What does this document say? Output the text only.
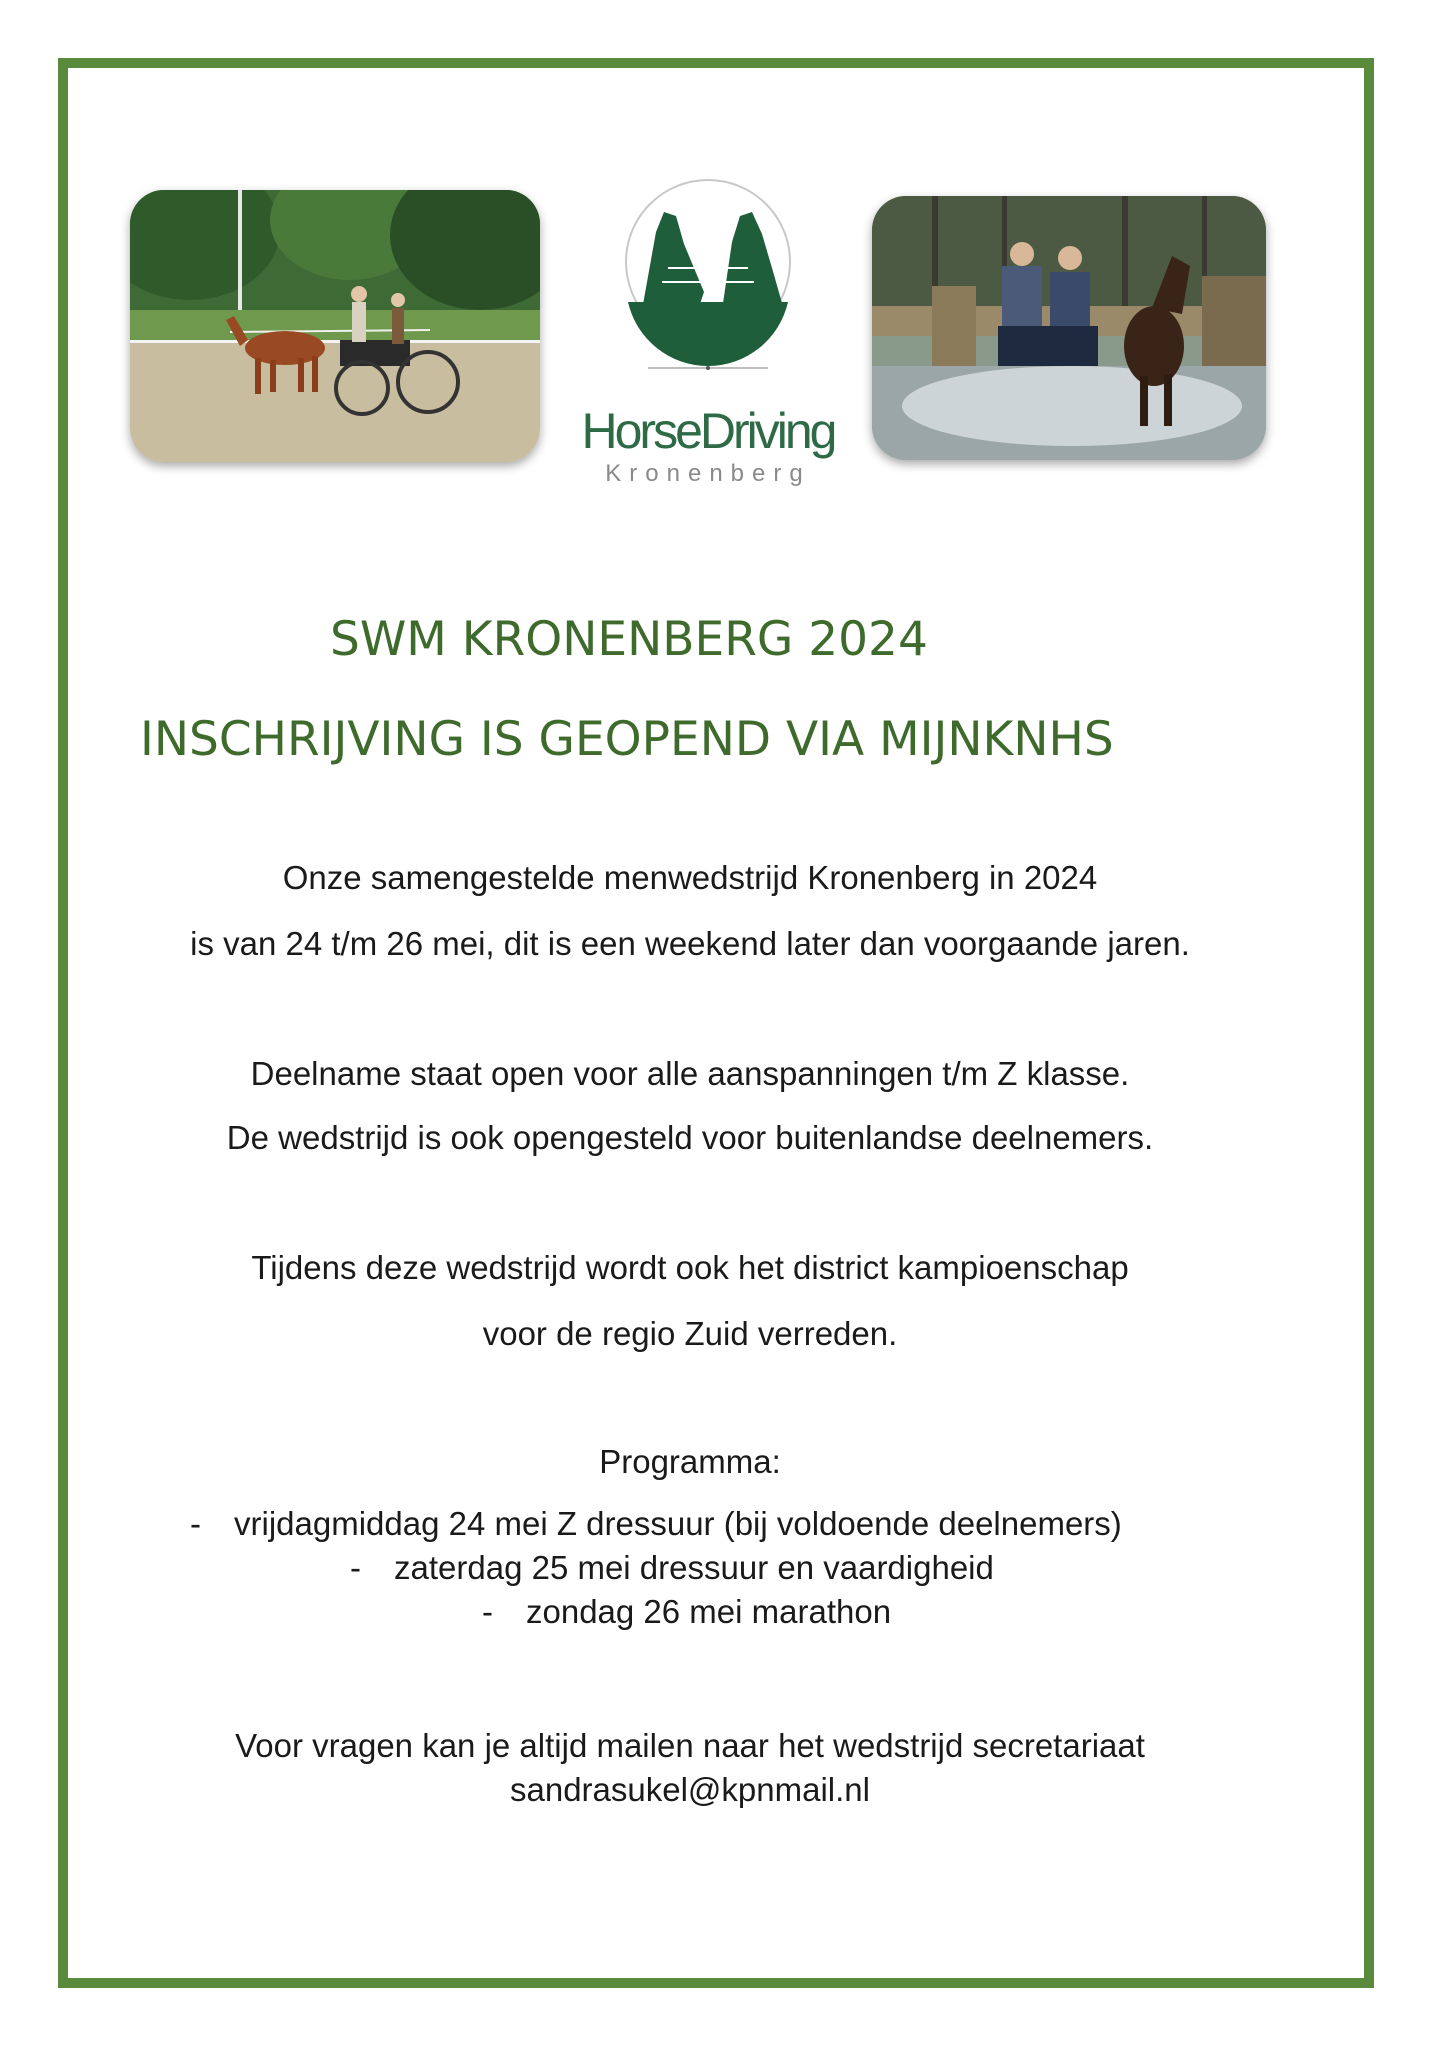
HorseDriving
Kronenberg
SWM KRONENBERG 2024
INSCHRIJVING IS GEOPEND VIA MIJNKNHS
Onze samengestelde menwedstrijd Kronenberg in 2024
is van 24 t/m 26 mei, dit is een weekend later dan voorgaande jaren.
Deelname staat open voor alle aanspanningen t/m Z klasse.
De wedstrijd is ook opengesteld voor buitenlandse deelnemers.
Tijdens deze wedstrijd wordt ook het district kampioenschap
voor de regio Zuid verreden.
Programma:
- vrijdagmiddag 24 mei Z dressuur (bij voldoende deelnemers)
- zaterdag 25 mei dressuur en vaardigheid
- zondag 26 mei marathon
Voor vragen kan je altijd mailen naar het wedstrijd secretariaat
sandrasukel@kpnmail.nl
